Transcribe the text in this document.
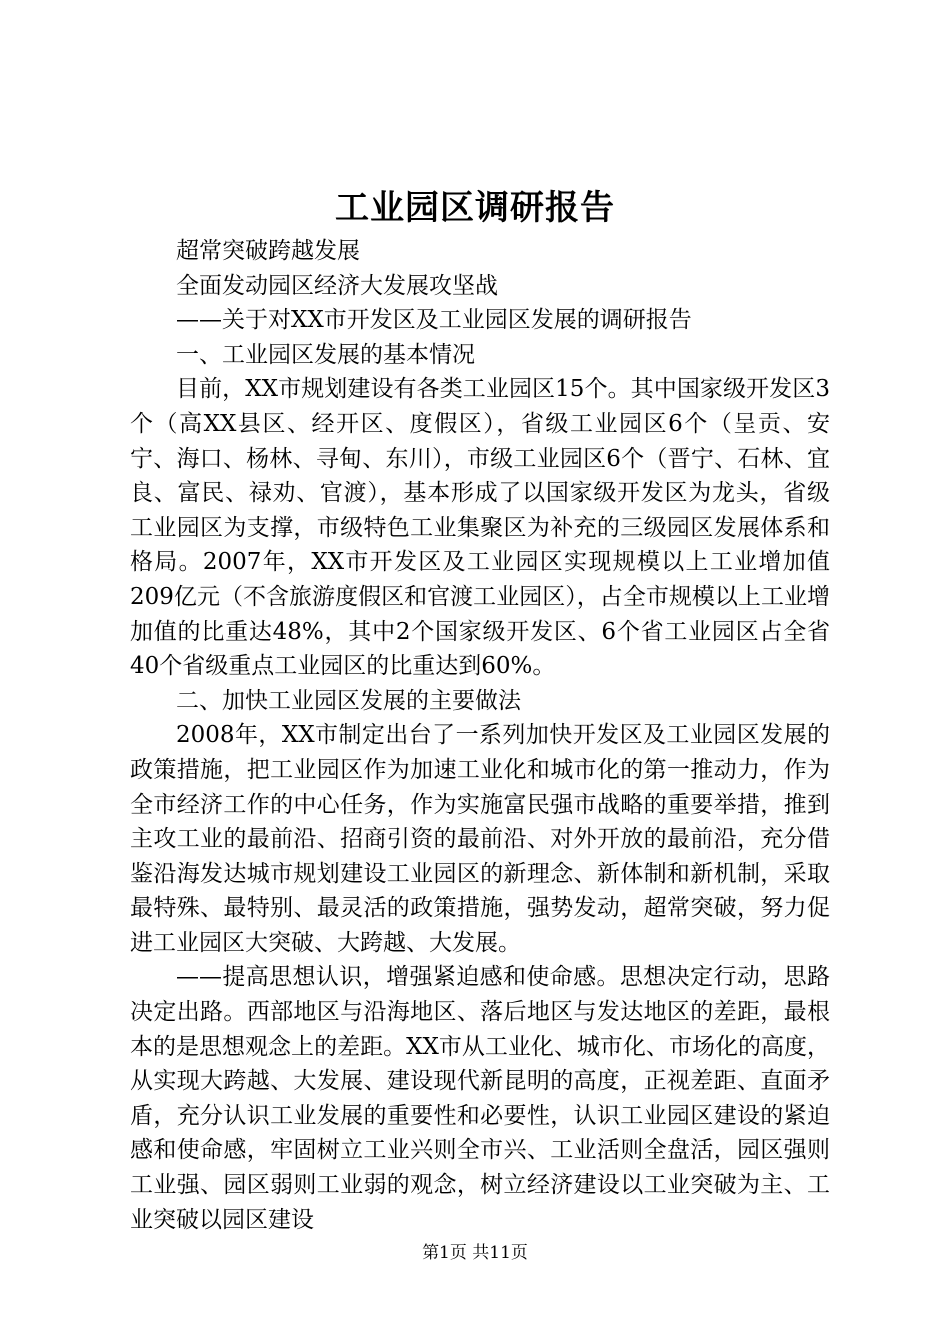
工业园区调研报告

超常突破跨越发展

全面发动园区经济大发展攻坚战

——关于对XX市开发区及工业园区发展的调研报告

一、工业园区发展的基本情况

目前，XX市规划建设有各类工业园区15个。其中国家级开发区3个（高XX县区、经开区、度假区），省级工业园区6个（呈贡、安宁、海口、杨林、寻甸、东川），市级工业园区6个（晋宁、石林、宜良、富民、禄劝、官渡），基本形成了以国家级开发区为龙头，省级工业园区为支撑，市级特色工业集聚区为补充的三级园区发展体系和格局。2007年，XX市开发区及工业园区实现规模以上工业增加值209亿元（不含旅游度假区和官渡工业园区），占全市规模以上工业增加值的比重达48%，其中2个国家级开发区、6个省工业园区占全省40个省级重点工业园区的比重达到60%。

二、加快工业园区发展的主要做法

2008年，XX市制定出台了一系列加快开发区及工业园区发展的政策措施，把工业园区作为加速工业化和城市化的第一推动力，作为全市经济工作的中心任务，作为实施富民强市战略的重要举措，推到主攻工业的最前沿、招商引资的最前沿、对外开放的最前沿，充分借鉴沿海发达城市规划建设工业园区的新理念、新体制和新机制，采取最特殊、最特别、最灵活的政策措施，强势发动，超常突破，努力促进工业园区大突破、大跨越、大发展。

——提高思想认识，增强紧迫感和使命感。思想决定行动，思路决定出路。西部地区与沿海地区、落后地区与发达地区的差距，最根本的是思想观念上的差距。XX市从工业化、城市化、市场化的高度，从实现大跨越、大发展、建设现代新昆明的高度，正视差距、直面矛盾，充分认识工业发展的重要性和必要性，认识工业园区建设的紧迫感和使命感，牢固树立工业兴则全市兴、工业活则全盘活，园区强则工业强、园区弱则工业弱的观念，树立经济建设以工业突破为主、工业突破以园区建设

第1页 共11页
